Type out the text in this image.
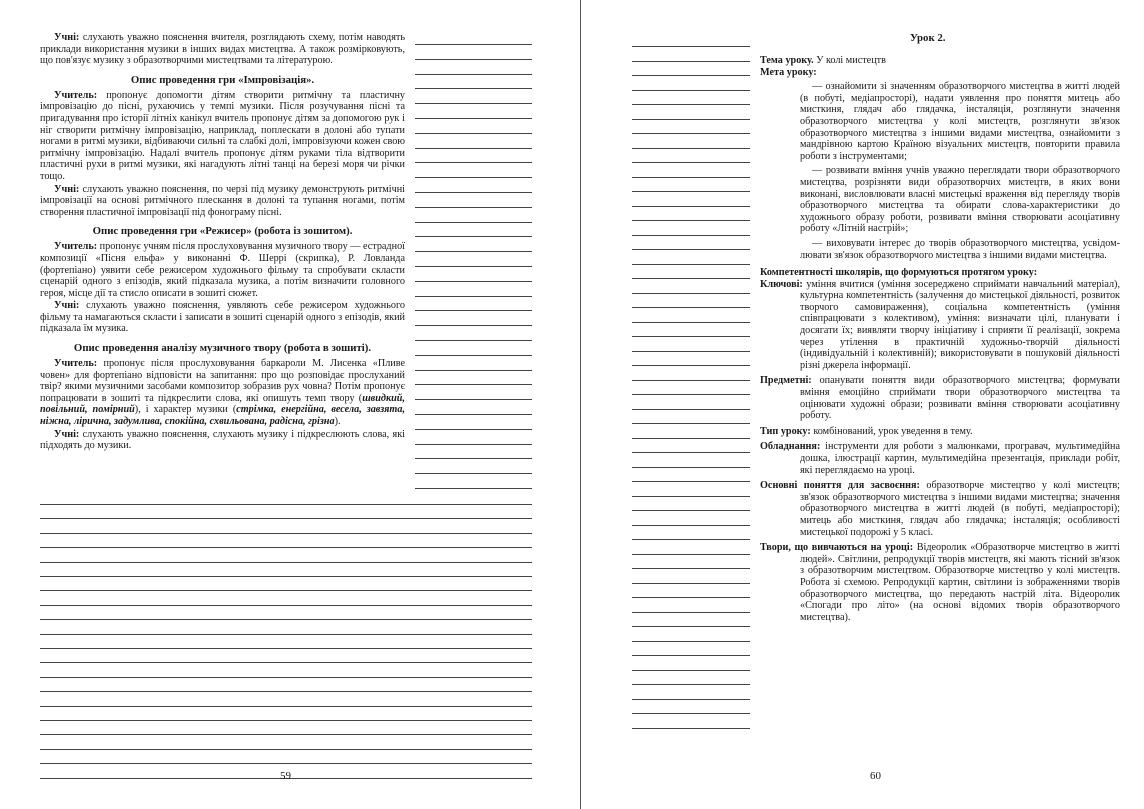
Учні: слухають уважно пояснення вчителя, розглядають схему, потім наводять приклади використання музики в інших видах мистецтва. А також розмірковують, що пов'язує музику з образотворчими мистецтвами та літературою.

Опис проведення гри «Імпровізація».

Учитель: пропонує допомогти дітям створити ритмічну та пластичну імпровізацію до пісні, рухаючись у темпі музики. Після розучування пісні та пригадування про історії літніх канікул вчитель пропонує дітям за допомогою рук і ніг створити ритмічну імпровізацію, наприклад, поплескати в долоні або тупати ногами в ритмі музики, відбиваючи сильні та слабкі долі, імпровізуючи кожен свою ритмічну імпровізацію. Надалі вчитель пропонує дітям руками тіла відтворити пластичні рухи в ритмі музики, які нагадують літні танці на березі моря чи річки тощо.

Учні: слухають уважно пояснення, по черзі під музику демонструють ритмічні імпровізації на основі ритмічного плескання в долоні та тупання ногами, потім створення пластичної імпровізації під фонограму пісні.

Опис проведення гри «Режисер» (робота із зошитом).

Учитель: пропонує учням після прослуховування музичного твору — естрадної композиції «Пісня ельфа» у виконанні Ф. Шеррі (скрипка), Р. Ловланда (фортепіано) уявити себе режисером художнього фільму та спробувати скласти сценарій одного з епізодів, який підказала музика, а потім визначити головного героя, місце дії та стисло описати в зошиті сюжет.

Учні: слухають уважно пояснення, уявляють себе режисером художнього фільму та намагаються скласти і записати в зошиті сценарій одного з епізодів, який підказала їм музика.

Опис проведення аналізу музичного твору (робота в зошиті).

Учитель: пропонує після прослуховування баркароли М. Лисенка «Пливе човен» для фортепіано відповісти на запитання: про що розповідає прослуханий твір? якими музичними засобами композитор зобразив рух човна? Потім пропонує попрацювати в зошиті та підкреслити слова, які опишуть темп твору (швидкий, повільний, помірний), і характер музики (стрімка, енергійна, весела, завзята, ніжна, лірична, задумлива, спокійна, схвильована, радісна, грізна).

Учні: слухають уважно пояснення, слухають музику і підкреслюють слова, які підходять до музики.

59

Урок 2.

Тема уроку. У колі мистецтв

Мета уроку:

— ознайомити зі значенням образотворчого мистецтва в житті людей (в побуті, медіапросторі), надати уявлення про поняття митець або мисткиня, глядач або глядачка, інсталяція, розглянути значення образотворчого мистецтва у колі мистецтв, розглянути зв'язок образотворчого мистецтва з іншими видами мистецтва, ознайомити з мандрівною картою Країною візуальних мистецтв, повторити правила роботи з інструментами;

— розвивати вміння учнів уважно переглядати твори образотворчого мистецтва, розрізняти види образотворчих мистецтв, в яких вони виконані, висловлювати власні мистецькі враження від перегляду творів образотворчого мистецтва та обирати слова-характеристики до художнього образу роботи, розвивати вміння створювати асоціативну роботу «Літній настрій»;

— виховувати інтерес до творів образотворчого мистецтва, усвідомлювати зв'язок образотворчого мистецтва з іншими видами мистецтва.

Компетентності школярів, що формуються протягом уроку:

Ключові: уміння вчитися (уміння зосереджено сприймати навчальний матеріал), культурна компетентність (залучення до мистецької діяльності, розвиток творчого самовираження), соціальна компетентність (уміння співпрацювати з колективом), уміння: визначати цілі, планувати і досягати їх; виявляти творчу ініціативу і сприяти її реалізації, зокрема через утілення в практичній художньо-творчій діяльності (індивідуальній і колективній); використовувати в пошуковій діяльності різні джерела інформації.

Предметні: опанувати поняття види образотворчого мистецтва; формувати вміння емоційно сприймати твори образотворчого мистецтва та оцінювати художні образи; розвивати вміння створювати асоціативну роботу.

Тип уроку: комбінований, урок уведення в тему.

Обладнання: інструменти для роботи з малюнками, програвач, мультимедійна дошка, ілюстрації картин, мультимедійна презентація, приклади робіт, які переглядаємо на уроці.

Основні поняття для засвоєння: образотворче мистецтво у колі мистецтв; зв'язок образотворчого мистецтва з іншими видами мистецтва; значення образотворчого мистецтва в житті людей (в побуті, медіапросторі); митець або мисткиня, глядач або глядачка; інсталяція; особливості мистецької подорожі у 5 класі.

Твори, що вивчаються на уроці: Відеоролик «Образотворче мистецтво в житті людей». Світлини, репродукції творів мистецтв, які мають тісний зв'язок з образотворчим мистецтвом. Образотворче мистецтво у колі мистецтв. Робота зі схемою. Репродукції картин, світлини із зображеннями творів образотворчого мистецтва, що передають настрій літа. Відеоролик «Спогади про літо» (на основі відомих творів образотворчого мистецтва).

60
